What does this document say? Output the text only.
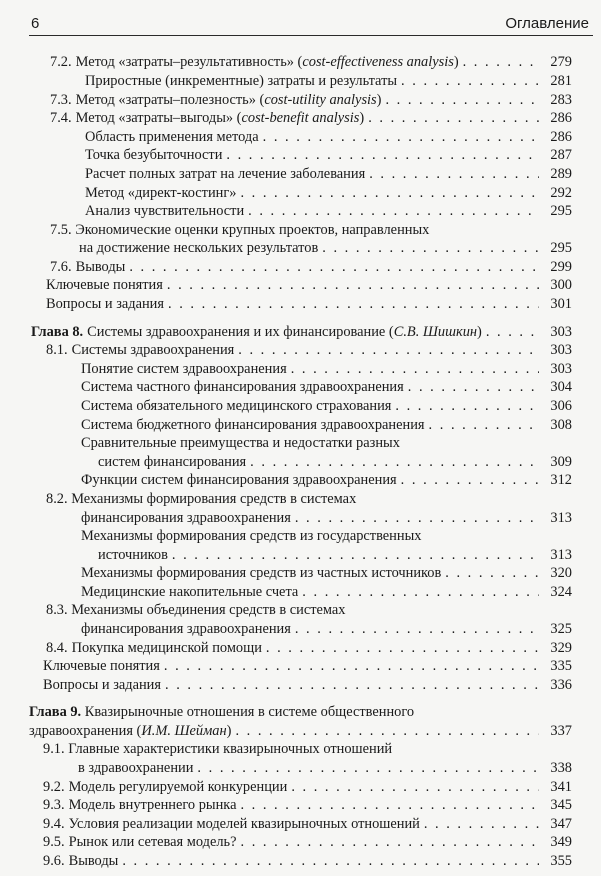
6	Оглавление
7.2. Метод «затраты–результативность» ( cost-effectiveness analysis ) . . .	279
Приростные (инкрементные) затраты и результаты . . .	281
7.3. Метод «затраты–полезность» ( cost-utility analysis ) . . .	283
7.4. Метод «затраты–выгоды» ( cost-benefit analysis ) . . .	286
Область применения метода . . .	286
Точка безубыточности . . .	287
Расчет полных затрат на лечение заболевания . . .	289
Метод «директ-костинг» . . .	292
Анализ чувствительности . . .	295
7.5. Экономические оценки крупных проектов, направленных
на достижение нескольких результатов . . .	295
7.6. Выводы . . .	299
Ключевые понятия . . .	300
Вопросы и задания . . .	301
Глава 8. Системы здравоохранения и их финансирование ( С.В. Шишкин ) . . .	303
8.1. Системы здравоохранения . . .	303
Понятие систем здравоохранения . . .	303
Система частного финансирования здравоохранения . . .	304
Система обязательного медицинского страхования . . .	306
Система бюджетного финансирования здравоохранения . . .	308
Сравнительные преимущества и недостатки разных
систем финансирования . . .	309
Функции систем финансирования здравоохранения . . .	312
8.2. Механизмы формирования средств в системах
финансирования здравоохранения . . .	313
Механизмы формирования средств из государственных
источников . . .	313
Механизмы формирования средств из частных источников . . .	320
Медицинские накопительные счета . . .	324
8.3. Механизмы объединения средств в системах
финансирования здравоохранения . . .	325
8.4. Покупка медицинской помощи . . .	329
Ключевые понятия . . .	335
Вопросы и задания . . .	336
Глава 9. Квазирыночные отношения в системе общественного
здравоохранения ( И.М. Шейман ) . . .	337
9.1. Главные характеристики квазирыночных отношений
в здравоохранении . . .	338
9.2. Модель регулируемой конкуренции . . .	341
9.3. Модель внутреннего рынка . . .	345
9.4. Условия реализации моделей квазирыночных отношений . . .	347
9.5. Рынок или сетевая модель? . . .	349
9.6. Выводы . . .	355
